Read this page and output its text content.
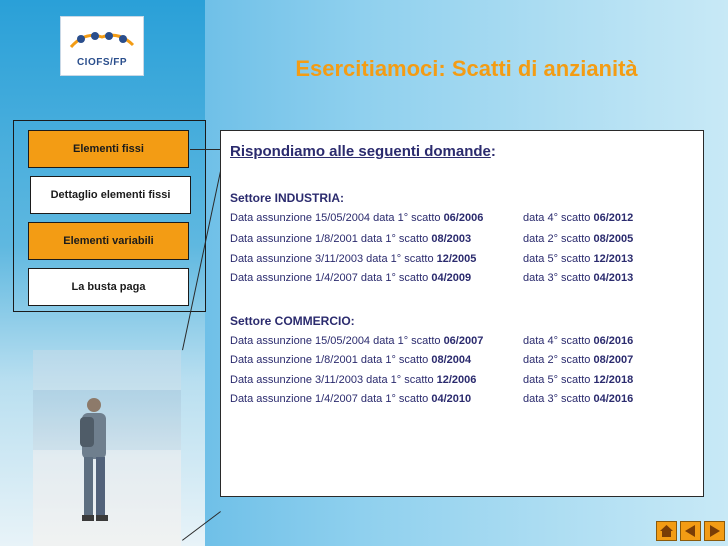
CIOFS/FP	Esercitiamoci: Scatti di anzianità
Elementi fissi
Dettaglio elementi fissi
Elementi variabili
La busta paga
Rispondiamo alle seguenti domande:
Settore INDUSTRIA:
Data assunzione 15/05/2004 data 1° scatto 06/2006	data 4° scatto 06/2012
Data assunzione 1/8/2001 data 1° scatto 08/2003	data 2° scatto 08/2005
Data assunzione 3/11/2003 data 1° scatto 12/2005	data 5° scatto 12/2013
Data assunzione 1/4/2007 data 1° scatto 04/2009	data 3° scatto 04/2013
Settore COMMERCIO:
Data assunzione 15/05/2004 data 1° scatto 06/2007	data 4° scatto 06/2016
Data assunzione 1/8/2001 data 1° scatto 08/2004	data 2° scatto 08/2007
Data assunzione 3/11/2003 data 1° scatto 12/2006	data 5° scatto 12/2018
Data assunzione 1/4/2007 data 1° scatto 04/2010	data 3° scatto 04/2016
